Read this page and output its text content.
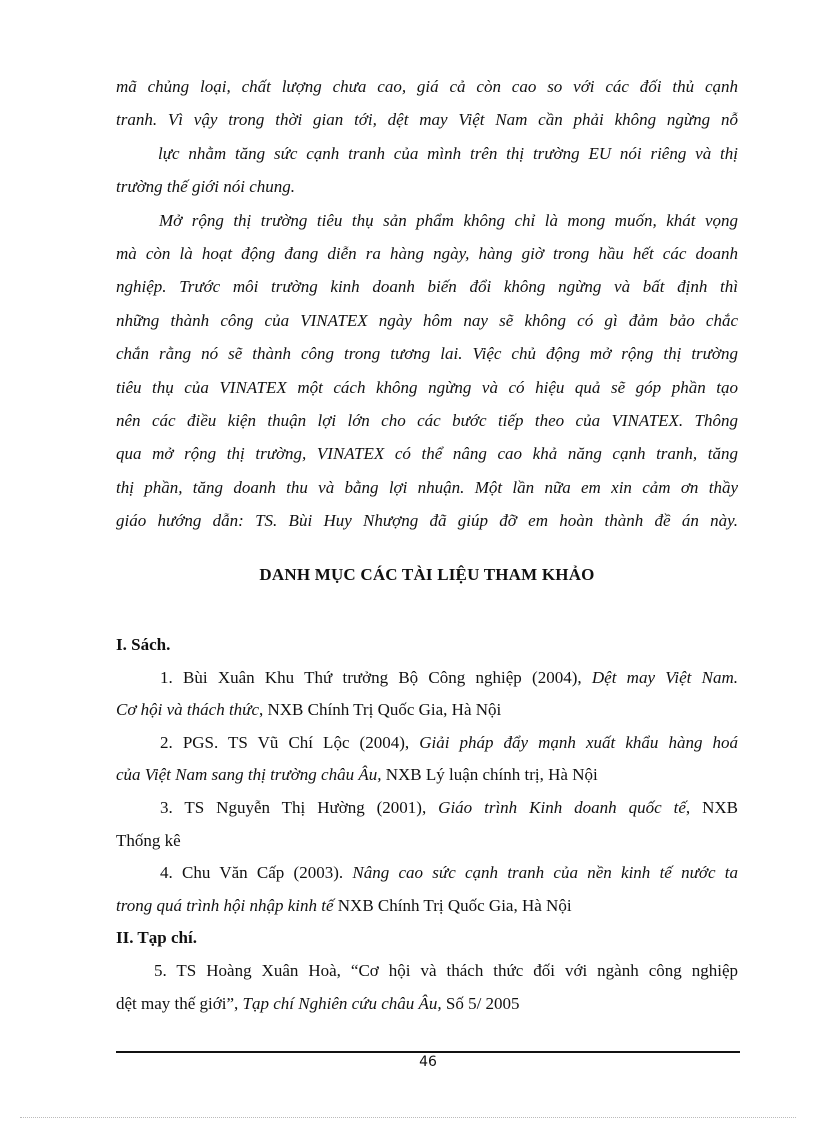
mã chủng loại, chất lượng chưa cao, giá cả còn cao so với các đối thủ cạnh
tranh. Vì vậy trong thời gian tới, dệt may Việt Nam cần phải không ngừng nỗ
lực nhằm tăng sức cạnh tranh của mình trên thị trường EU nói riêng và thị
trường thế giới nói chung.

Mở rộng thị trường tiêu thụ sản phẩm không chỉ là mong muốn, khát vọng
mà còn là hoạt động đang diễn ra hàng ngày, hàng giờ trong hầu hết các doanh
nghiệp. Trước môi trường kinh doanh biến đổi không ngừng và bất định thì
những thành công của VINATEX ngày hôm nay sẽ không có gì đảm bảo chắc
chắn rằng nó sẽ thành công trong tương lai. Việc chủ động mở rộng thị trường
tiêu thụ của VINATEX một cách không ngừng và có hiệu quả sẽ góp phần tạo
nên các điều kiện thuận lợi lớn cho các bước tiếp theo của VINATEX. Thông
qua mở rộng thị trường, VINATEX có thể nâng cao khả năng cạnh tranh, tăng
thị phần, tăng doanh thu và bằng lợi nhuận. Một lần nữa em xin cảm ơn thầy
giáo hướng dẫn: TS. Bùi Huy Nhượng đã giúp đỡ em hoàn thành đề án này.

DANH MỤC CÁC TÀI LIỆU THAM KHẢO
I. Sách.
1. Bùi Xuân Khu Thứ trưởng Bộ Công nghiệp (2004), Dệt may Việt Nam.
Cơ hội và thách thức, NXB Chính Trị Quốc Gia, Hà Nội
2. PGS. TS Vũ Chí Lộc (2004), Giải pháp đẩy mạnh xuất khẩu hàng hoá
của Việt Nam sang thị trường châu Âu, NXB Lý luận chính trị, Hà Nội
3. TS Nguyễn Thị Hường (2001), Giáo trình Kinh doanh quốc tế, NXB
Thống kê
4. Chu Văn Cấp (2003). Nâng cao sức cạnh tranh của nền kinh tế nước ta
trong quá trình hội nhập kinh tế NXB Chính Trị Quốc Gia, Hà Nội
II. Tạp chí.
5. TS Hoàng Xuân Hoà, “Cơ hội và thách thức đối với ngành công nghiệp
dệt may thế giới”, Tạp chí Nghiên cứu châu Âu, Số 5/ 2005
46
